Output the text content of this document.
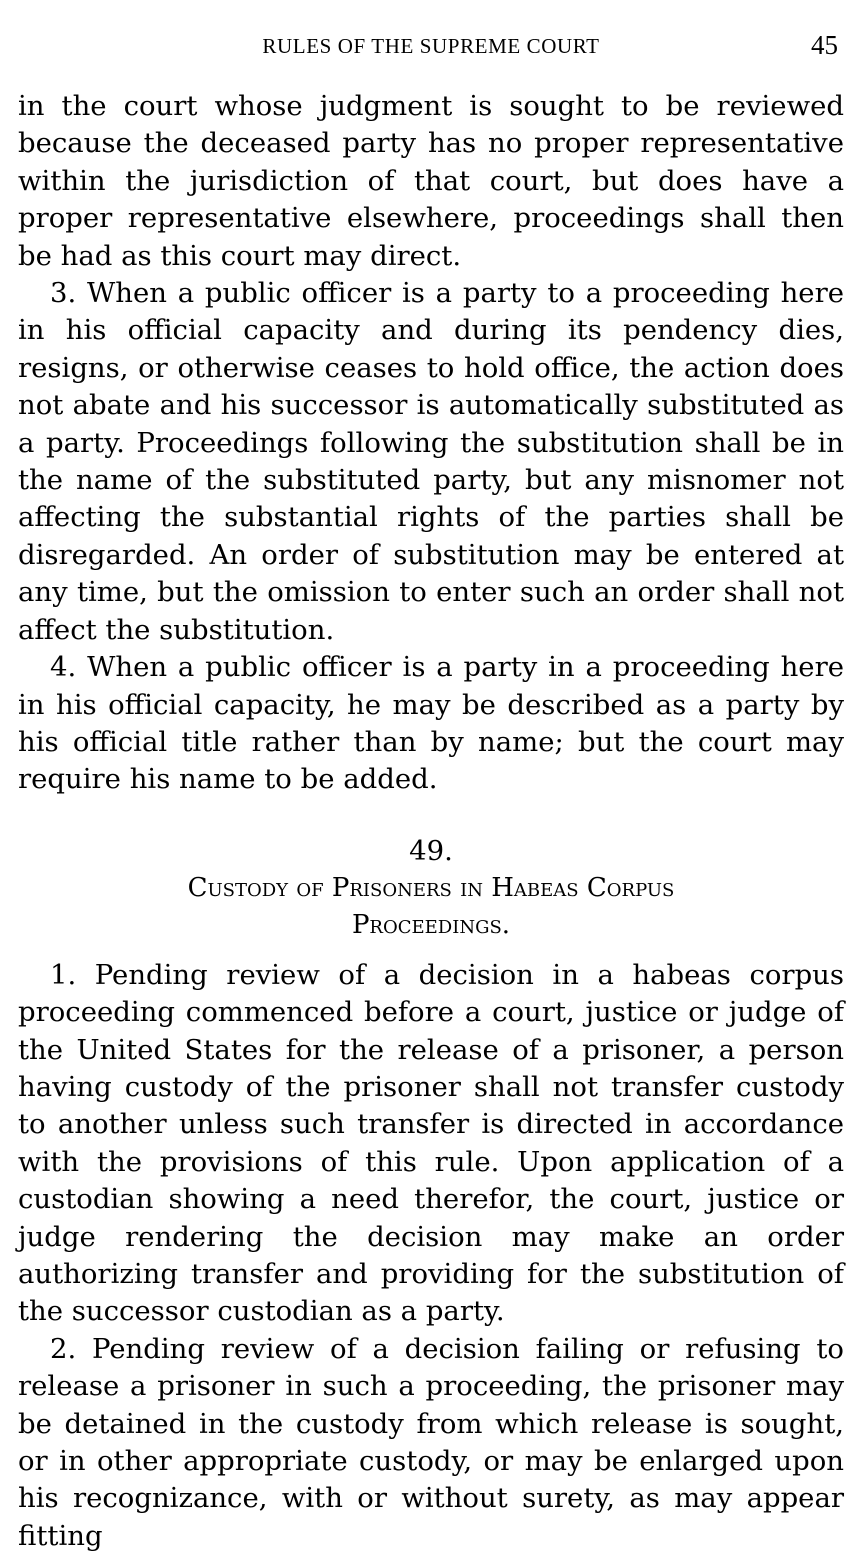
RULES OF THE SUPREME COURT	45

in the court whose judgment is sought to be reviewed because the deceased party has no proper representative within the jurisdiction of that court, but does have a proper representative elsewhere, proceedings shall then be had as this court may direct.

3. When a public officer is a party to a proceeding here in his official capacity and during its pendency dies, resigns, or otherwise ceases to hold office, the action does not abate and his successor is automatically substituted as a party. Proceedings following the substitution shall be in the name of the substituted party, but any misnomer not affecting the substantial rights of the parties shall be disregarded. An order of substitution may be entered at any time, but the omission to enter such an order shall not affect the substitution.

4. When a public officer is a party in a proceeding here in his official capacity, he may be described as a party by his official title rather than by name; but the court may require his name to be added.

49.
Custody of Prisoners in Habeas Corpus Proceedings.

1. Pending review of a decision in a habeas corpus proceeding commenced before a court, justice or judge of the United States for the release of a prisoner, a person having custody of the prisoner shall not transfer custody to another unless such transfer is directed in accordance with the provisions of this rule. Upon application of a custodian showing a need therefor, the court, justice or judge rendering the decision may make an order authorizing transfer and providing for the substitution of the successor custodian as a party.

2. Pending review of a decision failing or refusing to release a prisoner in such a proceeding, the prisoner may be detained in the custody from which release is sought, or in other appropriate custody, or may be enlarged upon his recognizance, with or without surety, as may appear fitting
